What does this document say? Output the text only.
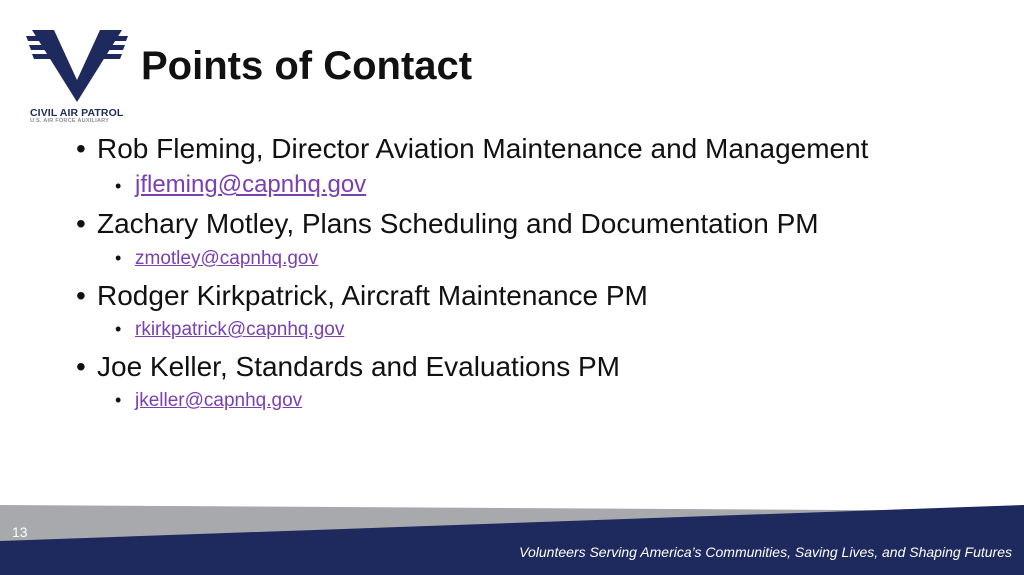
CIVIL AIR PATROL
U.S. AIR FORCE AUXILIARY
Points of Contact
• Rob Fleming, Director Aviation Maintenance and Management
• jfleming@capnhq.gov
• Zachary Motley, Plans Scheduling and Documentation PM
• zmotley@capnhq.gov
• Rodger Kirkpatrick, Aircraft Maintenance PM
• rkirkpatrick@capnhq.gov
• Joe Keller, Standards and Evaluations PM
• jkeller@capnhq.gov
13
Volunteers Serving America’s Communities, Saving Lives, and Shaping Futures
